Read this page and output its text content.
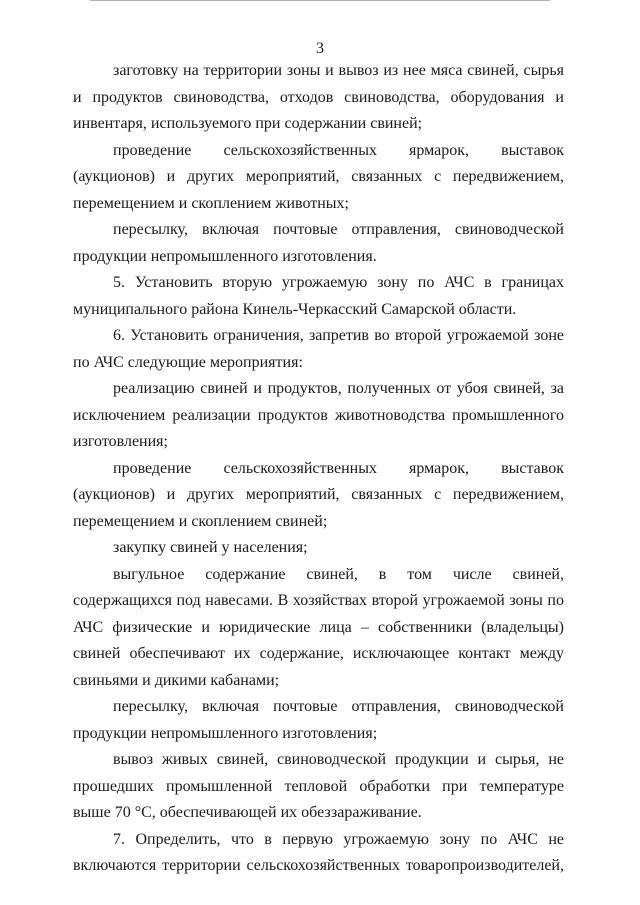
3

заготовку на территории зоны и вывоз из нее мяса свиней, сырья и продуктов свиноводства, отходов свиноводства, оборудования и инвентаря, используемого при содержании свиней;

проведение сельскохозяйственных ярмарок, выставок (аукционов) и других мероприятий, связанных с передвижением, перемещением и скоплением животных;

пересылку, включая почтовые отправления, свиноводческой продукции непромышленного изготовления.

5. Установить вторую угрожаемую зону по АЧС в границах муниципального района Кинель-Черкасский Самарской области.

6. Установить ограничения, запретив во второй угрожаемой зоне по АЧС следующие мероприятия:

реализацию свиней и продуктов, полученных от убоя свиней, за исключением реализации продуктов животноводства промышленного изготовления;

проведение сельскохозяйственных ярмарок, выставок (аукционов) и других мероприятий, связанных с передвижением, перемещением и скоплением свиней;

закупку свиней у населения;

выгульное содержание свиней, в том числе свиней, содержащихся под навесами. В хозяйствах второй угрожаемой зоны по АЧС физические и юридические лица – собственники (владельцы) свиней обеспечивают их содержание, исключающее контакт между свиньями и дикими кабанами;

пересылку, включая почтовые отправления, свиноводческой продукции непромышленного изготовления;

вывоз живых свиней, свиноводческой продукции и сырья, не прошедших промышленной тепловой обработки при температуре выше 70 °С, обеспечивающей их обеззараживание.

7. Определить, что в первую угрожаемую зону по АЧС не включаются территории сельскохозяйственных товаропроизводителей,
